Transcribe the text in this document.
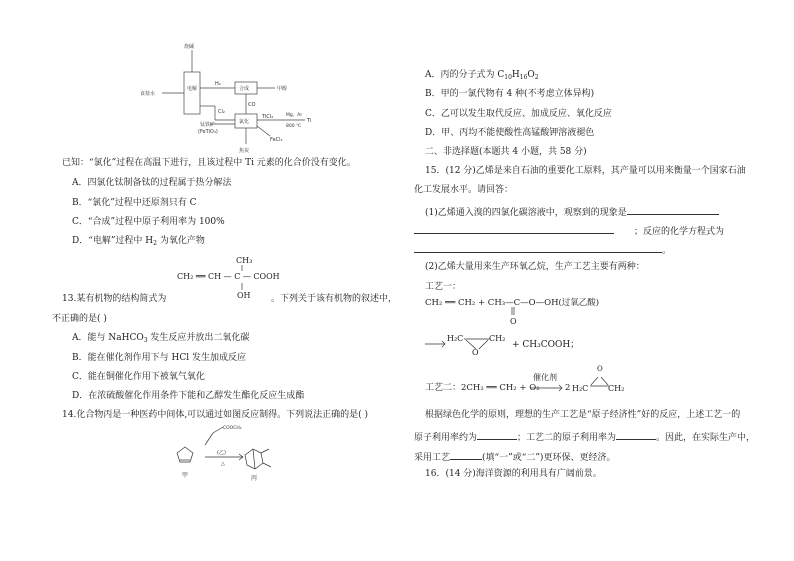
烧碱
食盐水
电解
H₂
合成	甲醇
CO
Cl₂
钛铁矿
(FeTiO₃)
氯化
TiCl₄	Mg，Ar
800 ℃
Ti
FeCl₃
焦炭
已知：“氯化”过程在高温下进行，且该过程中 Ti 元素的化合价没有变化。
A．四氯化钛制备钛的过程属于热分解法
B．“氯化”过程中还原剂只有 C
C．“合成”过程中原子利用率为 100%
D．“电解”过程中 $H_2$ 为氧化产物
CH₃
CH₂ ══ CH — C — COOH
OH
13.某有机物的结构简式为	。下列关于该有机物的叙述中，
不正确的是( )
A．能与 NaHCO$_3$ 发生反应并放出二氧化碳
B．能在催化剂作用下与 HCl 发生加成反应
C．能在铜催化作用下被氧气氧化
D．在浓硫酸催化作用条件下能和乙醇发生酯化反应生成酯
14.化合物丙是一种医药中间体,可以通过如图反应制得。下列说法正确的是( )
COOCH₃
(乙)
△
甲	丙
A．丙的分子式为 $C_{10}H_{16}O_2$
B．甲的一氯代物有 4 种(不考虑立体异构)
C．乙可以发生取代反应、加成反应、氧化反应
D．甲、丙均不能使酸性高锰酸钾溶液褪色
二、非选择题(本题共 4 小题，共 58 分)
15．(12 分)乙烯是来自石油的重要化工原料，其产量可以用来衡量一个国家石油
化工发展水平。请回答：
(1)乙烯通入溴的四氯化碳溶液中，观察到的现象是
；反应的化学方程式为
。
(2)乙烯大量用来生产环氧乙烷，生产工艺主要有两种：
工艺一：
CH₂ ══ CH₂ + CH₃—C—O—OH(过氧乙酸)
O
H₂C	CH₂
O
+ CH₃COOH；
工艺二： 2CH₂ ══ CH₂ + O₂
催化剂
2 H₂C CH₂
O
根据绿色化学的原则，理想的生产工艺是“原子经济性”好的反应，上述工艺一的
原子利用率约为	；工艺二的原子利用率为	。因此，在实际生产中，
采用工艺	(填“一”或“二”)更环保、更经济。
16．(14 分)海洋资源的利用具有广阔前景。
